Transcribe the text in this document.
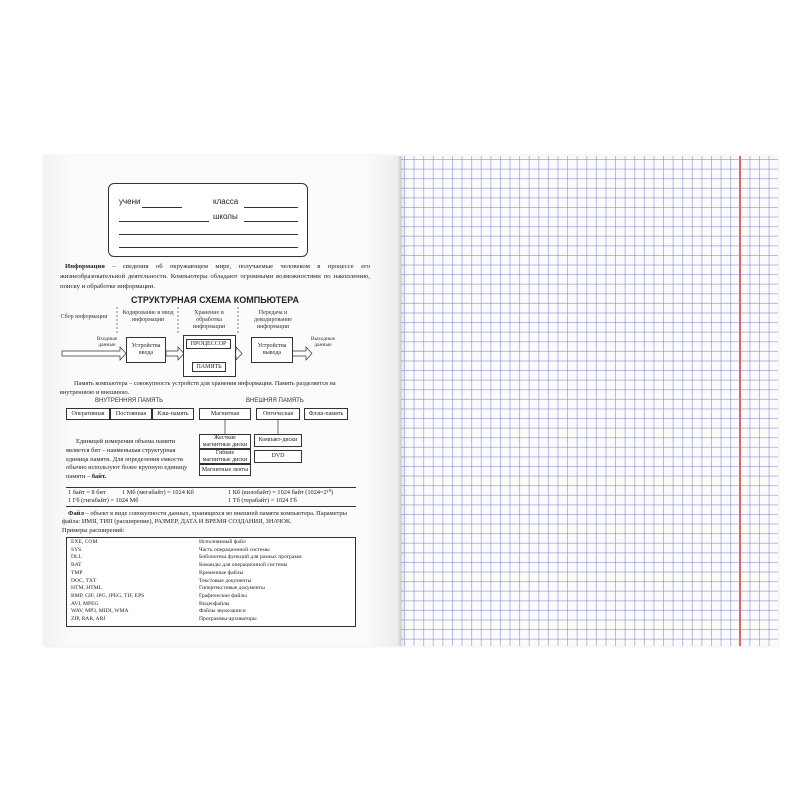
учени	класса
школы
Информация – сведения об окружающем мире, получаемые человеком в процессе его жизнеобразовательной деятельности. Компьютеры обладают огромными возможностями по накоплению, поиску и обработке информации.
СТРУКТУРНАЯ СХЕМА КОМПЬЮТЕРА
Сбор информации
Кодирование и ввод информации
Хранение и обработка информации
Передача и декодирование информации
Входные данные
Выходные данные
Устройства ввода
ПРОЦЕССОР
ПАМЯТЬ
Устройства вывода
Память компьютера – совокупность устройств для хранения информации. Память разделяется на внутреннюю и внешнюю.
ВНУТРЕННЯЯ ПАМЯТЬ	ВНЕШНЯЯ ПАМЯТЬ
Оперативная	Постоянная	Кэш-память	Магнитная	Оптическая	Флэш-память
Жесткие магнитные диски
Гибкие магнитные диски
Магнитные ленты
Компакт-диски
DVD
Единицей измерения объема памяти является бит – наименьшая структурная единица памяти. Для определения емкости обычно используют более крупную единицу памяти – байт.
1 байт = 8 бит	1 Мб (мегабайт) = 1024 Кб	1 Кб (килобайт) = 1024 байт (1024=2¹⁰)
1 Гб (гигабайт) = 1024 Мб	1 Тб (терабайт) = 1024 Гб
Файл – объект в виде совокупности данных, хранящихся во внешней памяти компьютера. Параметры файла: ИМЯ, ТИП (расширение), РАЗМЕР, ДАТА И ВРЕМЯ СОЗДАНИЯ, ЗНАЧОК.
Примеры расширений:
EXE, COM	Исполняемый файл
SYS	Часть операционной системы
DLL	Библиотека функций для разных программ
BAT	Команды для операционной системы
TMP	Временные файлы
DOC, TXT	Текстовые документы
HTM, HTML	Гипертекстовые документы
BMP, GIF, JPG, JPEG, TIF, EPS	Графические файлы
AVI, MPEG	Видеофайлы
WAV, MP3, MIDI, WMA	Файлы звукозаписи
ZIP, RAR, ARJ	Программы-архиваторы
